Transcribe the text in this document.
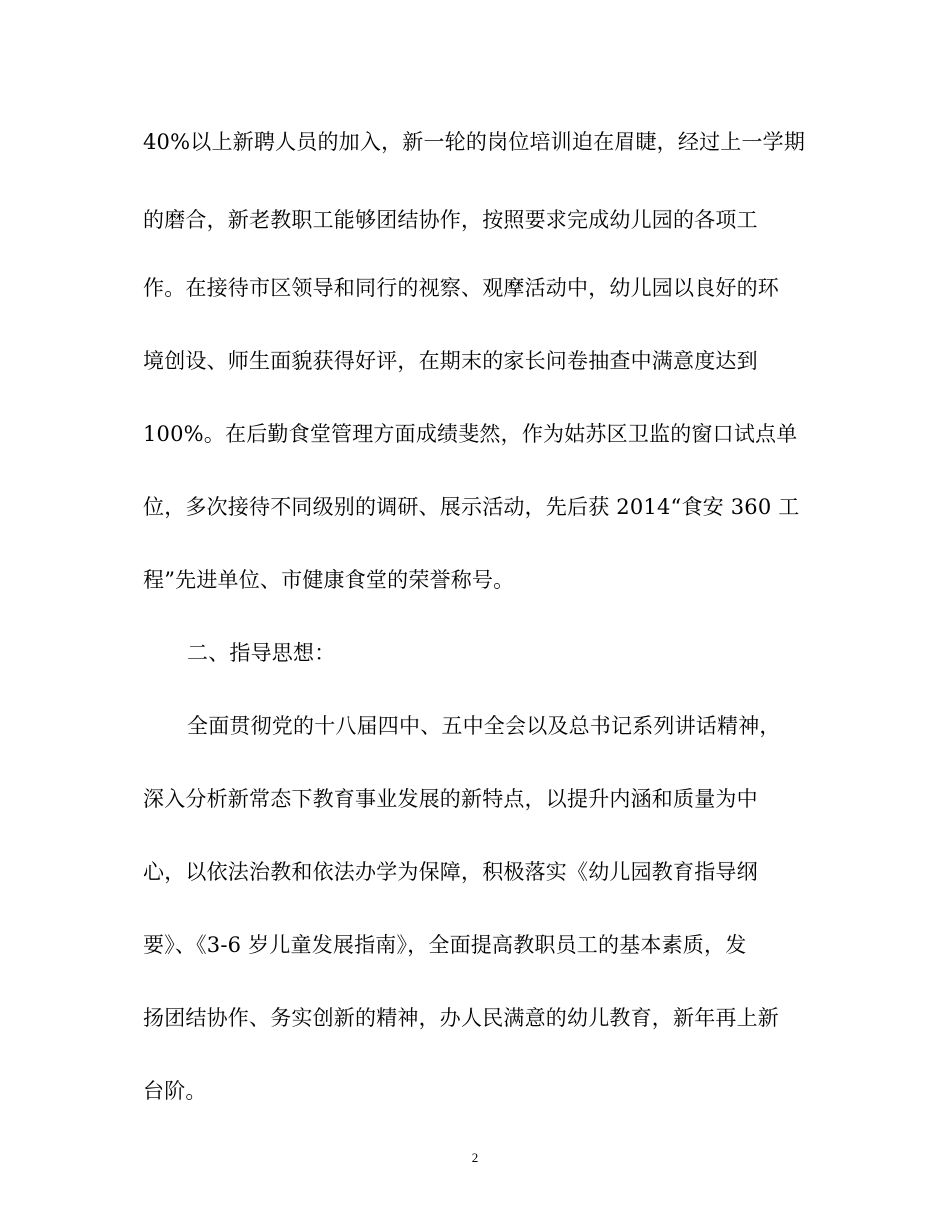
40%以上新聘人员的加入，新一轮的岗位培训迫在眉睫，经过上一学期
的磨合，新老教职工能够团结协作，按照要求完成幼儿园的各项工
作。在接待市区领导和同行的视察、观摩活动中，幼儿园以良好的环
境创设、师生面貌获得好评，在期末的家长问卷抽查中满意度达到
100%。在后勤食堂管理方面成绩斐然，作为姑苏区卫监的窗口试点单
位，多次接待不同级别的调研、展示活动，先后获 2014“食安 360 工
程”先进单位、市健康食堂的荣誉称号。
二、指导思想：
全面贯彻党的十八届四中、五中全会以及总书记系列讲话精神，
深入分析新常态下教育事业发展的新特点，以提升内涵和质量为中
心，以依法治教和依法办学为保障，积极落实《幼儿园教育指导纲
要》、《3-6 岁儿童发展指南》，全面提高教职员工的基本素质，发
扬团结协作、务实创新的精神，办人民满意的幼儿教育，新年再上新
台阶。
2
